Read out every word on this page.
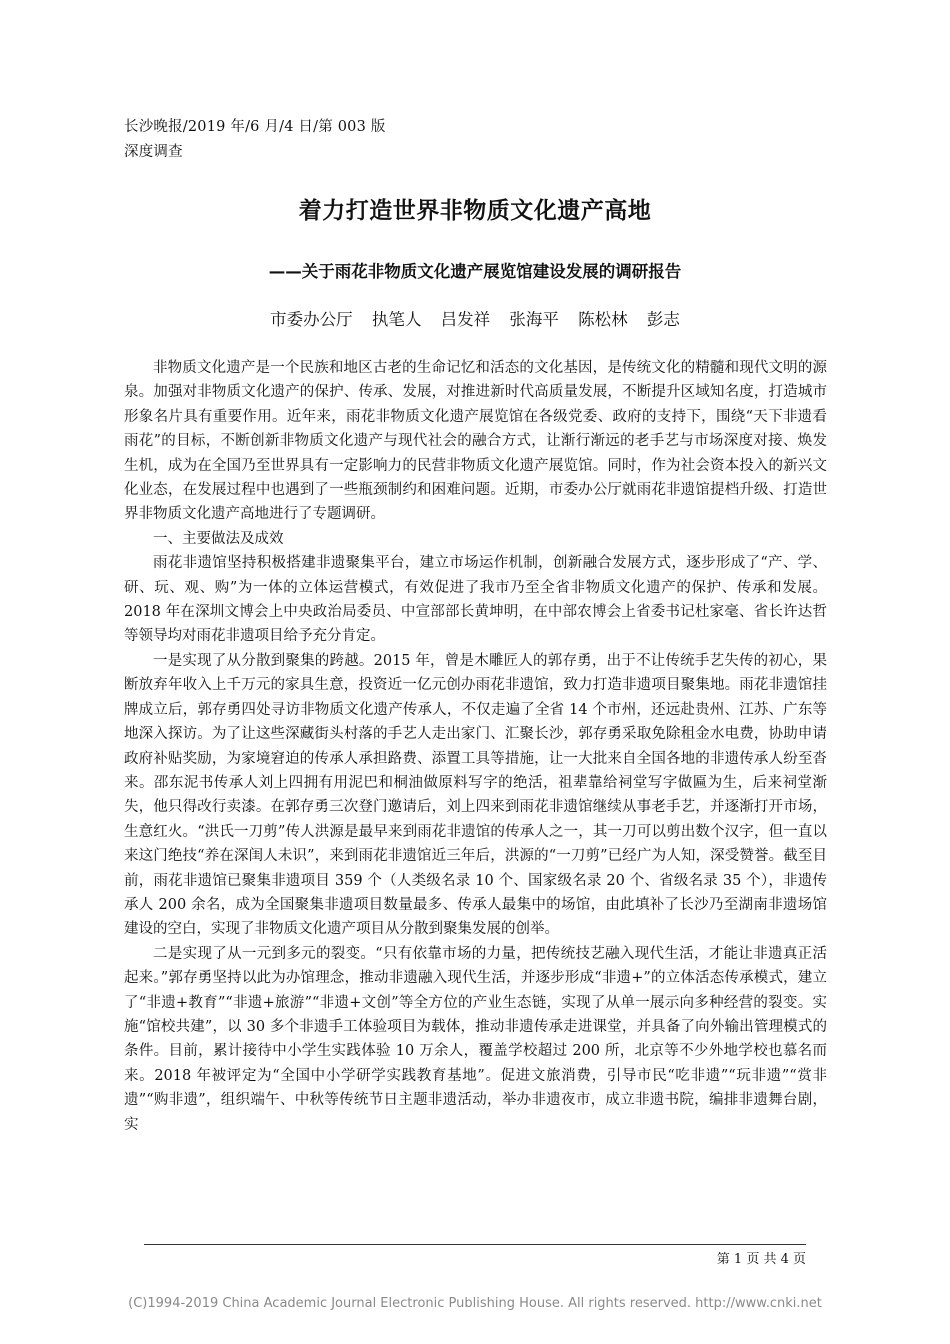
长沙晚报/2019 年/6 月/4 日/第 003 版
深度调查
着力打造世界非物质文化遗产高地
——关于雨花非物质文化遗产展览馆建设发展的调研报告
市委办公厅 执笔人 吕发祥 张海平 陈松林 彭志

非物质文化遗产是一个民族和地区古老的生命记忆和活态的文化基因，是传统文化的精髓和现代文明的源泉。加强对非物质文化遗产的保护、传承、发展，对推进新时代高质量发展，不断提升区域知名度，打造城市形象名片具有重要作用。近年来，雨花非物质文化遗产展览馆在各级党委、政府的支持下，围绕“天下非遗看雨花”的目标，不断创新非物质文化遗产与现代社会的融合方式，让渐行渐远的老手艺与市场深度对接、焕发生机，成为在全国乃至世界具有一定影响力的民营非物质文化遗产展览馆。同时，作为社会资本投入的新兴文化业态，在发展过程中也遇到了一些瓶颈制约和困难问题。近期，市委办公厅就雨花非遗馆提档升级、打造世界非物质文化遗产高地进行了专题调研。

一、主要做法及成效

雨花非遗馆坚持积极搭建非遗聚集平台，建立市场运作机制，创新融合发展方式，逐步形成了“产、学、研、玩、观、购”为一体的立体运营模式，有效促进了我市乃至全省非物质文化遗产的保护、传承和发展。2018 年在深圳文博会上中央政治局委员、中宣部部长黄坤明，在中部农博会上省委书记杜家毫、省长许达哲等领导均对雨花非遗项目给予充分肯定。

一是实现了从分散到聚集的跨越。2015 年，曾是木雕匠人的郭存勇，出于不让传统手艺失传的初心，果断放弃年收入上千万元的家具生意，投资近一亿元创办雨花非遗馆，致力打造非遗项目聚集地。雨花非遗馆挂牌成立后，郭存勇四处寻访非物质文化遗产传承人，不仅走遍了全省 14 个市州，还远赴贵州、江苏、广东等地深入探访。为了让这些深藏街头村落的手艺人走出家门、汇聚长沙，郭存勇采取免除租金水电费，协助申请政府补贴奖励，为家境窘迫的传承人承担路费、添置工具等措施，让一大批来自全国各地的非遗传承人纷至沓来。邵东泥书传承人刘上四拥有用泥巴和桐油做原料写字的绝活，祖辈靠给祠堂写字做匾为生，后来祠堂渐失，他只得改行卖漆。在郭存勇三次登门邀请后，刘上四来到雨花非遗馆继续从事老手艺，并逐渐打开市场，生意红火。“洪氏一刀剪”传人洪源是最早来到雨花非遗馆的传承人之一，其一刀可以剪出数个汉字，但一直以来这门绝技“养在深闺人未识”，来到雨花非遗馆近三年后，洪源的“一刀剪”已经广为人知，深受赞誉。截至目前，雨花非遗馆已聚集非遗项目 359 个（人类级名录 10 个、国家级名录 20 个、省级名录 35 个），非遗传承人 200 余名，成为全国聚集非遗项目数量最多、传承人最集中的场馆，由此填补了长沙乃至湖南非遗场馆建设的空白，实现了非物质文化遗产项目从分散到聚集发展的创举。

二是实现了从一元到多元的裂变。“只有依靠市场的力量，把传统技艺融入现代生活，才能让非遗真正活起来。”郭存勇坚持以此为办馆理念，推动非遗融入现代生活，并逐步形成“非遗+”的立体活态传承模式，建立了“非遗+教育”“非遗+旅游”“非遗+文创”等全方位的产业生态链，实现了从单一展示向多种经营的裂变。实施“馆校共建”，以 30 多个非遗手工体验项目为载体，推动非遗传承走进课堂，并具备了向外输出管理模式的条件。目前，累计接待中小学生实践体验 10 万余人，覆盖学校超过 200 所，北京等不少外地学校也慕名而来。2018 年被评定为“全国中小学研学实践教育基地”。促进文旅消费，引导市民“吃非遗”“玩非遗”“赏非遗”“购非遗”，组织端午、中秋等传统节日主题非遗活动，举办非遗夜市，成立非遗书院，编排非遗舞台剧，实

第 1 页 共 4 页
(C)1994-2019 China Academic Journal Electronic Publishing House. All rights reserved. http://www.cnki.net
